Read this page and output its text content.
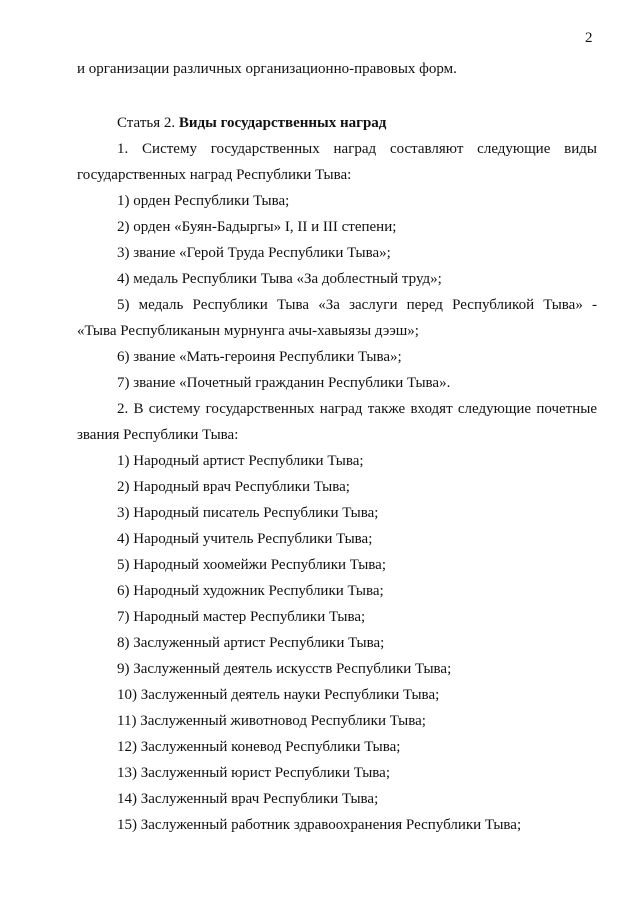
2
и организации различных организационно-правовых форм.
Статья 2. Виды государственных наград
1. Систему государственных наград составляют следующие виды
государственных наград Республики Тыва:
1) орден Республики Тыва;
2) орден «Буян-Бадыргы» I, II и III степени;
3) звание «Герой Труда Республики Тыва»;
4) медаль Республики Тыва «За доблестный труд»;
5) медаль Республики Тыва «За заслуги перед Республикой Тыва» -
«Тыва Республиканын мурнунга ачы-хавыязы дээш»;
6) звание «Мать-героиня Республики Тыва»;
7) звание «Почетный гражданин Республики Тыва».
2. В систему государственных наград также входят следующие почетные
звания Республики Тыва:
1) Народный артист Республики Тыва;
2) Народный врач Республики Тыва;
3) Народный писатель Республики Тыва;
4) Народный учитель Республики Тыва;
5) Народный хоомейжи Республики Тыва;
6) Народный художник Республики Тыва;
7) Народный мастер Республики Тыва;
8) Заслуженный артист Республики Тыва;
9) Заслуженный деятель искусств Республики Тыва;
10) Заслуженный деятель науки Республики Тыва;
11) Заслуженный животновод Республики Тыва;
12) Заслуженный коневод Республики Тыва;
13) Заслуженный юрист Республики Тыва;
14) Заслуженный врач Республики Тыва;
15) Заслуженный работник здравоохранения Республики Тыва;
